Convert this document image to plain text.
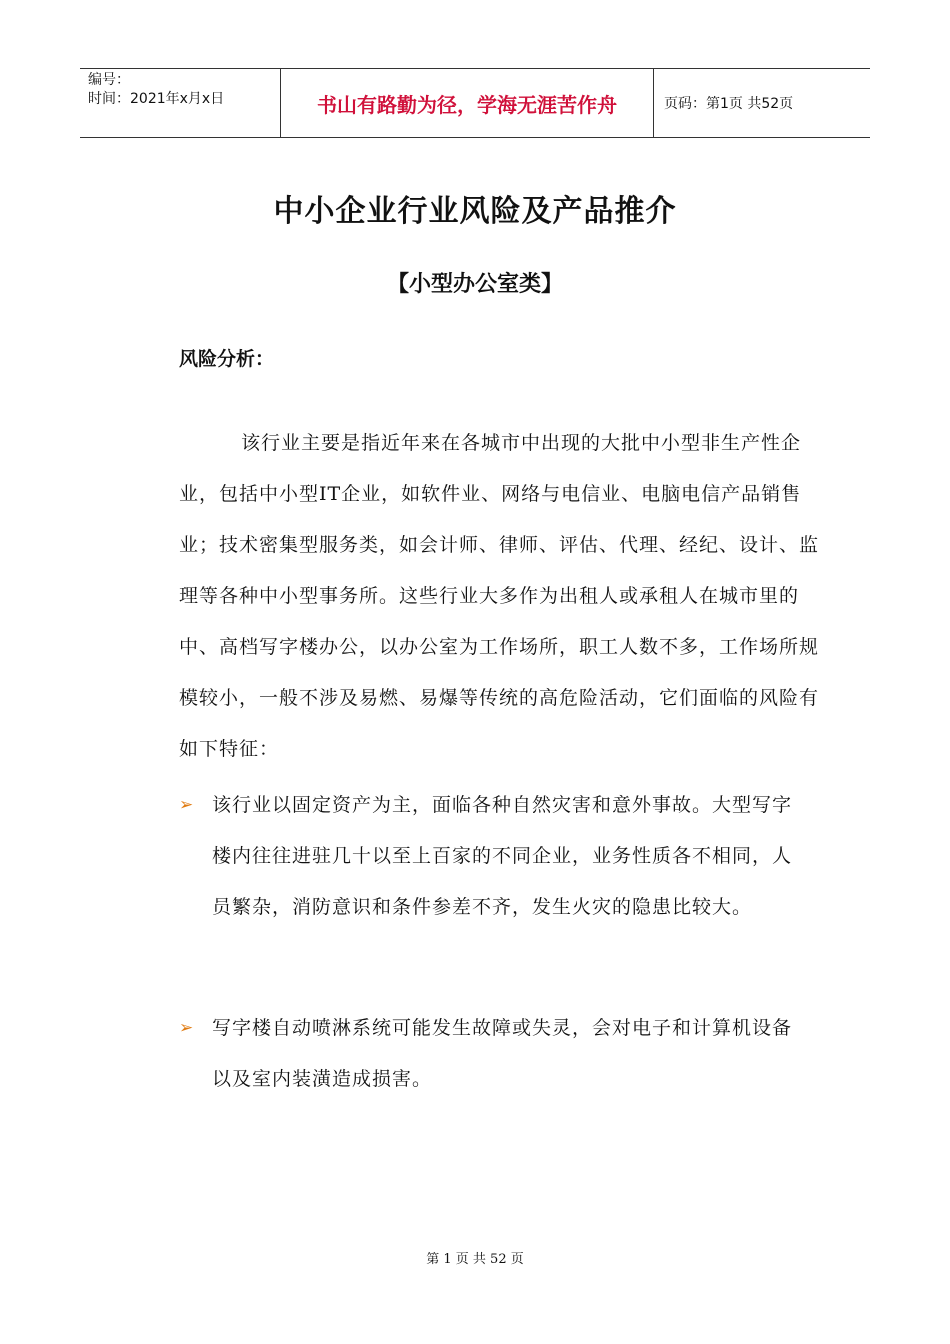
编号：
时间：2021年x月x日	书山有路勤为径，学海无涯苦作舟	页码：第1页 共52页
中小企业行业风险及产品推介
【小型办公室类】
风险分析：

该行业主要是指近年来在各城市中出现的大批中小型非生产性企业，包括中小型IT企业，如软件业、网络与电信业、电脑电信产品销售业；技术密集型服务类，如会计师、律师、评估、代理、经纪、设计、监理等各种中小型事务所。这些行业大多作为出租人或承租人在城市里的中、高档写字楼办公，以办公室为工作场所，职工人数不多，工作场所规模较小，一般不涉及易燃、易爆等传统的高危险活动，它们面临的风险有如下特征：

➢ 该行业以固定资产为主，面临各种自然灾害和意外事故。大型写字楼内往往进驻几十以至上百家的不同企业，业务性质各不相同，人员繁杂，消防意识和条件参差不齐，发生火灾的隐患比较大。
➢ 写字楼自动喷淋系统可能发生故障或失灵，会对电子和计算机设备以及室内装潢造成损害。
第 1 页 共 52 页
